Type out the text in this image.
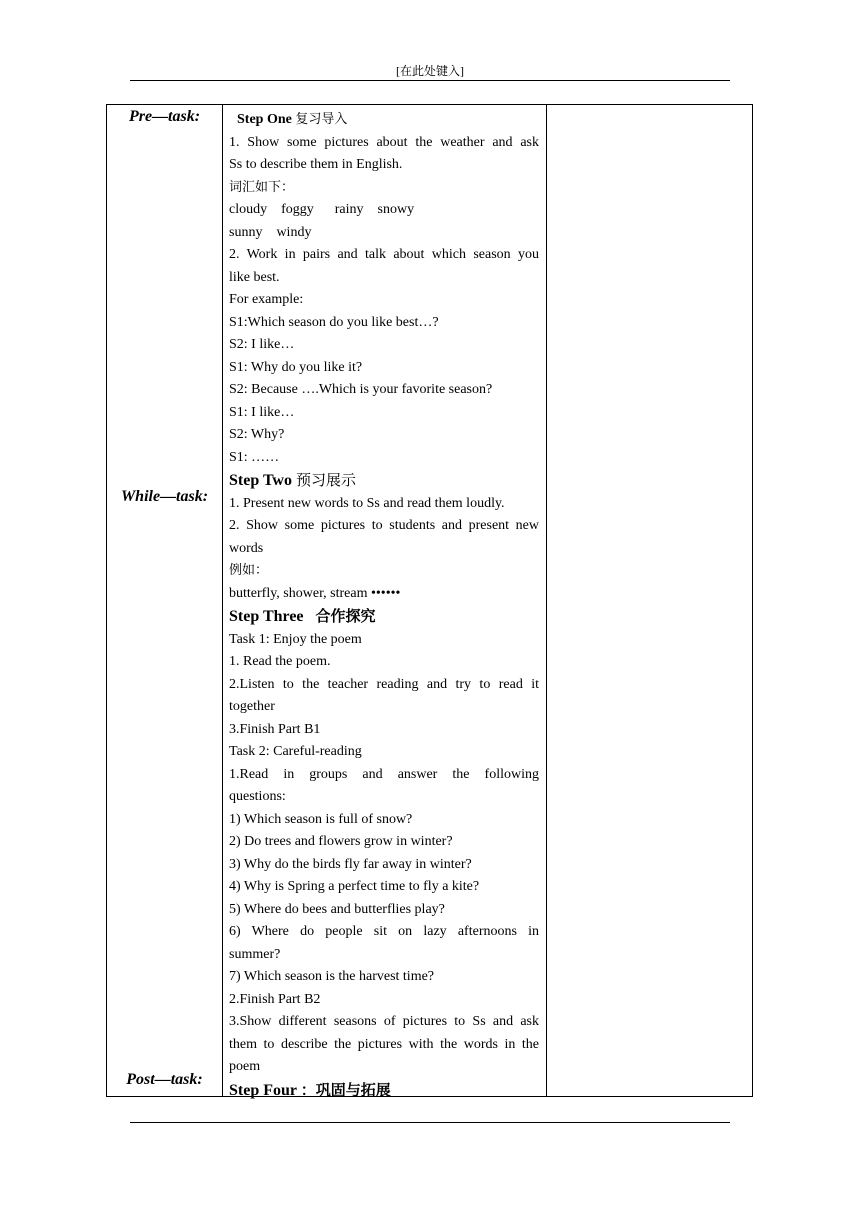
[在此处键入]
Pre—task:
While—task:
Post—task:
Step One 复习导入
1. Show some pictures about the weather and ask
Ss to describe them in English.
词汇如下：
cloudy    foggy      rainy    snowy
sunny    windy
2. Work in pairs and talk about which season you
like best.
For example:
S1:Which season do you like best…?
S2: I like…
S1: Why do you like it?
S2: Because ….Which is your favorite season?
S1: I like…
S2: Why?
S1: ……
Step Two 预习展示
1. Present new words to Ss and read them loudly.
2. Show some pictures to students and present new
words
例如：
butterfly, shower, stream ••••••
Step Three 合作探究
Task 1: Enjoy the poem
1. Read the poem.
2.Listen to the teacher reading and try to read it
together
3.Finish Part B1
Task 2: Careful-reading
1.Read in groups and answer the following
questions:
1) Which season is full of snow?
2) Do trees and flowers grow in winter?
3) Why do the birds fly far away in winter?
4) Why is Spring a perfect time to fly a kite?
5) Where do bees and butterflies play?
6) Where do people sit on lazy afternoons in
summer?
7) Which season is the harvest time?
2.Finish Part B2
3.Show different seasons of pictures to Ss and ask
them to describe the pictures with the words in the
poem
Step Four ：巩固与拓展
